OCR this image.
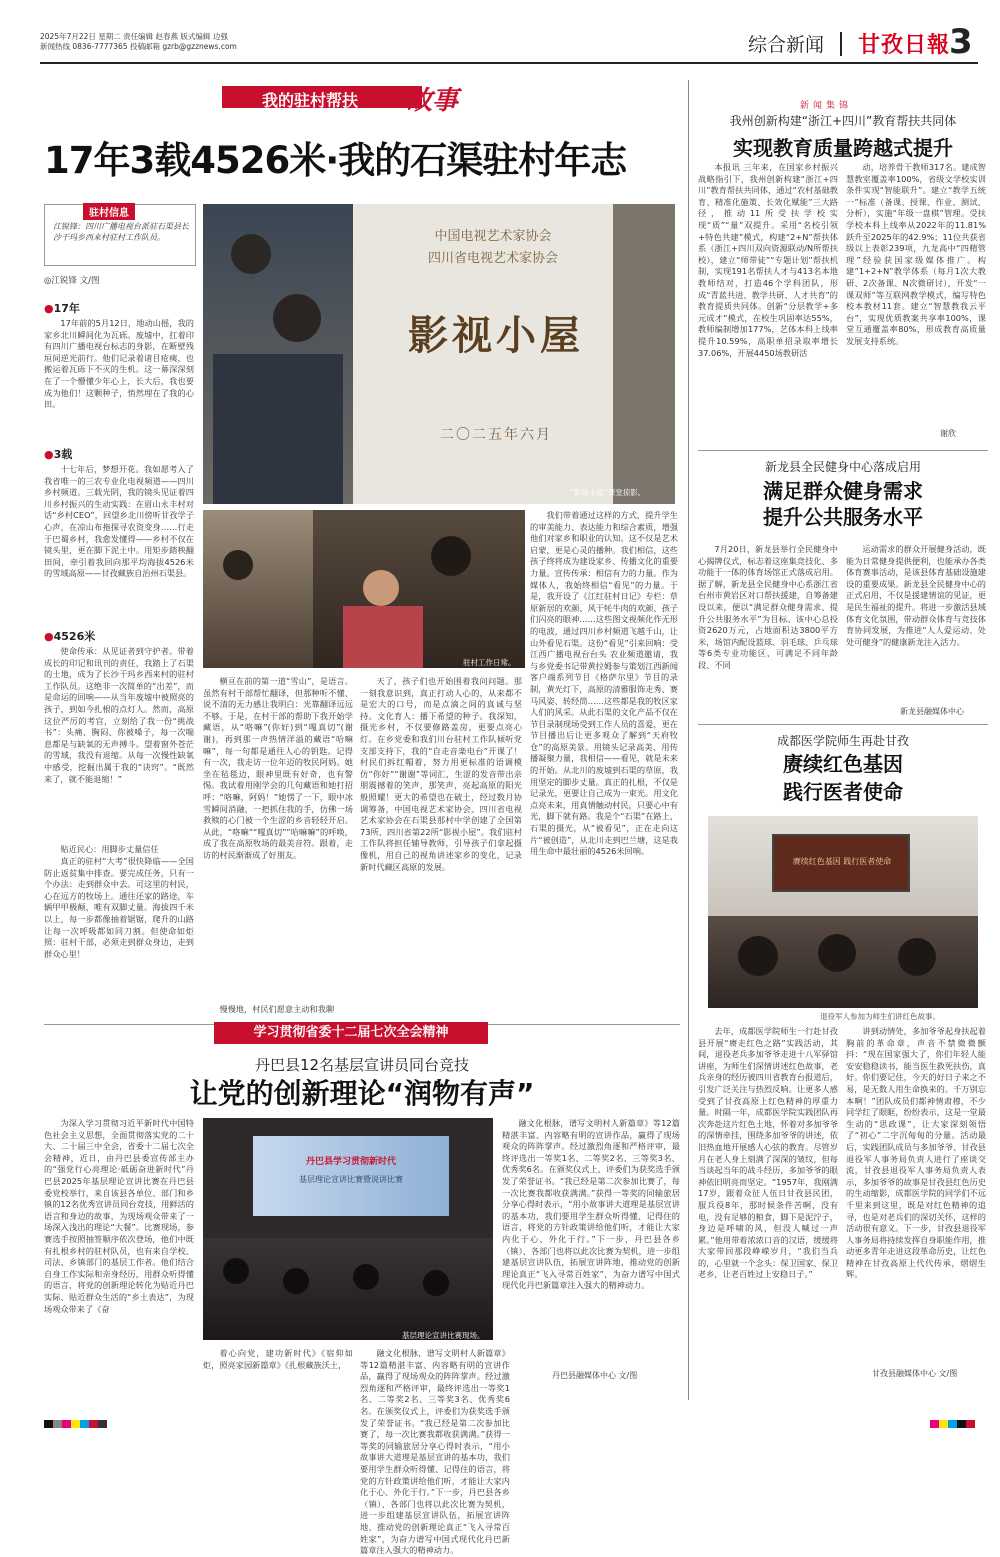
2025年7月22日 星期二 责任编辑 赵春燕 版式编辑 边强
新闻热线 0836-7777365 投稿邮箱 gzrb@gzznews.com	综合新闻 甘孜日報
3
我的驻村帮扶 故事
17年3载4526米·我的石渠驻村年志
驻村信息
江锐锋：四川广播电视台派驻石渠县长沙干玛乡西来村驻村工作队员。
◎江锐锋 文/图
●17年
17年前的5月12日，地动山摇，我的家乡北川瞬间化为瓦砾。废墟中，扛着印有四川广播电视台标志的身影，在断壁残垣间逆光前行。他们记录着诸目疮痍，也搬运着瓦砾下不灭的生机。这一幕深深刻在了一个懵懂少年心上，长大后，我也要成为他们！这颗种子，悄然埋在了我的心田。
●3载
十七年后，梦想开花。我如愿考入了我省唯一的三农专业化电视频道——四川乡村频道。三载光阴，我的镜头见证着四川乡村振兴的生动实践：在眉山永丰村对话“乡村CEO”，回望乡北川傍听甘孜学子心声，在凉山布拖探寻农资变身……行走于巴蜀乡村，我愈发懂得——乡村不仅在镜头里，更在脚下泥土中。用矩步踏秧翻田间，牵引着我回向那平均海拔4526米的雪域高原——甘孜藏族自治州石渠县。
●4526米
使命传承：从见证者到守护者。带着成长的印记和讯刊的责任，我踏上了石渠的土地，成为了长沙干玛乡西来村的驻村工作队员。这绝非一次简单的“出差”，而是命运的回响——从当年废墟中被照亮的孩子，到如今扎根的点灯人。然而，高原这位严厉的考官，立刻给了我一份“挑战书”：头痛、胸闷、你被嗓子，每一次喘息都是与缺氧的无声搏斗。望着窗外苍茫的雪域，我没有退缩。从每一次慢性缺氧中感受，挖掘出属于我的“诀窍”。“既然来了，就不能退缩！”
贴近民心：用脚步丈量信任
真正的驻村“大考”很快降临——全国防止返贫集中排查。要完成任务，只有一个办法：走到群众中去。可这里的村民，心在远方的牧场上。通往还家的路途，车辆甲甲极颠，唯有双脚丈量。海拔四千米以上，每一步都像抽着锯锯，爬升的山路让每一次呼吸都如同刀割。但使命如炬照：驻村干部，必须走到群众身边，走到群众心里！
中国电视艺术家协会
四川省电视艺术家协会
影视小屋
二〇二五年六月
“影视小屋”课堂掠影。
驻村工作日常。
横亘在前的第一道“雪山”，是语言。虽然有村干部帮忙翻译，但那种听不懂、说不清的无力感让我明白：光靠翻译远远不够。于是，在村干部的帮助下我开始学藏语，从“咯嘛”(你好)到“嘎真切”(谢谢)，再到那一声热情洋溢的藏语“哈嘛嘛”，每一句都是通往人心的钥匙。记得有一次，我走访一位年迈的牧民阿妈。她坐在毡毯边，眼神里既有好奇，也有警惕。我试着用刚学会的几句藏语和她打招呼：“咯嘛，阿妈！”她愣了一下，眼中冰雪瞬间消融，一把抓住我的手，仿佛一场救赎的心门被一个生涩的乡音轻轻开启。从此，“咯嘛”“嘎真切”“哈嘛嘛”的呼唤，成了我在高原牧场的最美音符。跟着，走访的村民渐渐成了好朋友。
慢慢地，村民们愿意主动和我聊
天了，孩子们也开始围着我问问题。那一刻我意识到，真正打动人心的，从来都不是宏大的口号，而是点滴之间的真诚与坚持。文化育人：播下希望的种子。我深知，摄光乡村，不仅要修路盖房，更要点亮心灯。在乡党委和我们川台驻村工作队倾听党支部支持下，我的“自走音楽电台”开课了！村民们拆红帽着，努力用更标准的语调模仿“你好”“谢谢”等词汇，生涩的发音带出亲朋震撼着的笑声，那笑声，亮起高原的阳光般照耀！更大的希望也在破土，经过数月协调筹备，中国电视艺术家协会、四川省电视艺术家协会在石渠县那村中学创建了全国第73所、四川省第22所“影视小屋”。我们驻村工作队将担任辅导教师，引导孩子们拿起摄像机，用自己的视角讲述家乡的变化，记录新时代藏区高原的发展。
我们带着通过这样的方式，提升学生的审美能力、表达能力和综合素质，增强他们对家乡和职业的认知。这不仅是艺术启蒙，更是心灵的播种。我们相信，这些孩子终将成为建设家乡、传播文化的重要力量。宣传传承：相信有力的力量。作为媒体人，我始终相信“看见”的力量。于是，我开设了《江红驻村日记》专栏：草原新居的欢颜、风干牦牛肉的欢颜、孩子们闪亮的眼神……这些图文视频化作无形的电波，通过四川乡村频道飞越千山，让山外看见石渠。这份“看见”引来回响：受江西广播电视台台头 农业频道邀请，我与乡党委书记带黄拉姆参与策划江西新闻客户端系列节目《格萨尔里》节目的录制，黄光灯下，高原的清雅服饰走秀、赛马风姿、转经筒……这些都是我的牧区家人们的风采。从此石渠的文化产品不仅在节目录制现场受到工作人员的喜爱，更在节目播出后让更多观众了解到“天府牧仓”的高原美景。用镜头记录高美、用传播凝聚力量，我相信——看见，就是未来的开始。从北川的废墟到石渠的草原，我用坚定的脚步丈量。真正的扎根，不仅是记录光，更要让自己成为一束光。用文化点亮未来，用真情触动村民，只要心中有光，脚下就有路。我是个“石渠”在路上，石渠的摄光，从“被看见”，正在走向这片“被创造”，从北川走到巴兰塘，这是我用生命中最壮丽的4526米回响。
新闻集锦
我州创新构建“浙江+四川”教育帮扶共同体
实现教育质量跨越式提升
本报讯 三年来，在国家乡村振兴战略指引下，我州创新构建“浙江+四川”教育帮扶共同体，通过“农村基础教育、精准化施策、长效化赋能”三大路径，推动11所受扶学校实现“质”“量”双提升。采用“名校引领+特色共建”模式，构建“2+N”帮扶体系（浙江+四川双向资源联动/N所帮扶校），建立“师带徒”“专题计划”帮扶机制，实现191名帮扶人才与413名本地教师结对，打造46个学科团队，形成“青蓝共进、教学共研、人才共育”的教育提质共同体。创新“分层教学+多元成才”模式，在校生巩固率达55%，教师编制增加177%，艺体本科上线率提升10.59%，高职单招录取率增长37.06%，开展4450场教研活
动，培养骨干教师317名。建成智慧教室覆盖率100%，省级文学校实训条件实现“智能联升”。建立“教学五统一”标准（备课、授课、作业、测试、分析），实施“年级一盘棋”管理。受扶学校本科上线率从2022年的11.81%跃升至2025年的42.9%；11位共获省级以上表彰239项，九龙高中“四精管理”经验获国家级媒体推广。构建“1+2+N”教学体系（每月1次大教研、2次备课、N次微研讨），开发“一课双师”等互联网教学模式，编写特色校本教材11套。建立“智慧教我云平台”，实现优质教案共享率100%，课堂互通覆盖率80%，形成教育高质量发展支持系统。
谢欣
新龙县全民健身中心落成启用
满足群众健身需求
提升公共服务水平
7月20日，新龙县举行全民健身中心揭牌仪式，标志着这座集竞技化、多功能于一体的体育场馆正式落成启用。据了解，新龙县全民健身中心系浙江省台州市黄岩区对口帮扶援建，自筹备建设以来，便以“满足群众健身需求、提升公共服务水平”为目标。该中心总投资2620万元，占地面积达3800平方米，场馆内配设篮球、羽毛球、乒乓球等6类专业功能区，可满足不同年龄段、不同
运动需求的群众开展健身活动，既能为日常健身提供便利，也能承办各类体育赛事活动，是该县体育基础设施建设的重要成果。新龙县全民健身中心的正式启用，不仅是援建情谊的见证，更是民生福祉的提升。将进一步激活县域体育文化氛围，带动群众体育与竞技体育协同发展，为推进“人人爱运动、处处可健身”的健康新龙注入活力。
新龙县融媒体中心
成都医学院师生再赴甘孜
赓续红色基因
践行医者使命
赓续红色基因 践行医者使命
退役军人参加为师生们讲红色故事。
去年，成都医学院师生一行赴甘孜县开展“赓走红色之路”实践活动，其间，退役老兵多加爷爷走进十八军驿馆讲座，为师生们深情讲述红色故事，老兵亲身的经历被四川省教育台报道后，引发广泛关注与热烈反响。让更多人感受到了甘孜高原上红色精神的厚重力量。时隔一年，成都医学院实践团队再次奔赴这片红色土地，怀着对多加爷爷的深情牵挂，围绕多加爷爷的讲述，依旧热血地开展感人心弦的教育。尽管岁月在老人身上刻满了深深的皱纹，但每当谈起当年的战斗经历，多加爷爷的眼神依旧明亮而坚定。“1957年，我刚满17岁，跟着众征人伍日甘孜县民团，服兵役8年，那时候条件苦啊，没有电，没有足够的粮食，脚下是泥泞子，身边是呼啸的风，但没人喊过一声累。”他用带着浓浓口音的汉语，缓缓将大家带回那段峥嵘岁月，“我们当兵的，心里就一个念头：保卫国家、保卫老乡，让老百姓过上安稳日子。”
讲到动情处，多加爷爷起身扶起着胸前的革命章，声音不禁微微颤抖：“现在国家强大了，你们年轻人能安安稳稳读书，能当医生救死扶伤，真好。你们要记住，今天的好日子来之不易，是无数人用生命换来的。千万别忘本啊！”团队成员们都神情肃穆，不少同学红了眼眶，纷纷表示，这是一堂最生动的“思政课”，让大家深刻领悟了“初心”二字沉甸甸的分量。活动最后，实践团队成员与多加爷爷、甘孜县退役军人事务局负责人进行了座谈交流，甘孜县退役军人事务局负责人表示，多加爷爷的故事是甘孜县红色历史的生动缩影，成都医学院的同学们不远千里来到这里，既是对红色精神的追寻，也是对老兵们的深切关怀，这样的活动很有意义。下一步，甘孜县退役军人事务局将持续发挥自身职能作用，推动更多青年走进这段革命历史，让红色精神在甘孜高原上代代传承，熠熠生辉。
甘孜县融媒体中心 文/图
学习贯彻省委十二届七次全会精神
丹巴县12名基层宣讲员同台竞技
让党的创新理论“润物有声”
为深入学习贯彻习近平新时代中国特色社会主义思想，全面贯彻落实党的二十大、二十届三中全会，省委十二届七次全会精神，近日，由丹巴县委宣传部主办的“强党行心亮理论·砥砺奋进新时代”丹巴县2025年基层理论宣讲比赛在丹巴县委党校举行，来自该县各单位、部门和乡镇的12名优秀宣讲员同台竞技，用鲜活的语言和身边的故事，为现场观众带来了一场深入浅出的理论“大餐”。比赛现场，参赛选手按照抽签顺序依次登场，他们中既有扎根乡村的驻村队员，也有来自学校、司法、乡镇部门的基层工作者。他们结合自身工作实际和亲身经历，用群众听得懂的语言，将党的创新理论转化为贴近丹巴实际、贴近群众生活的“乡土表达”，为现场观众带来了《奋
丹巴县学习贯彻新时代
基层理论宣讲比赛暨说讲比赛
基层理论宣讲比赛现场。
着心向党，建功新时代》《宿仰如炬，照亮家园新篇章》《扎根藏族沃土，
融文化根脉，谱写文明村人新篇章》等12篇精湛丰富、内容略有明的宣讲作品，赢得了现场观众的阵阵掌声。经过激烈角逐和严格评审，最终评选出一等奖1名、二等奖2名、三等奖3名、优秀奖6名。在颁奖仪式上，评委们为获奖选手颁发了荣誉证书。“我已经是第二次参加比赛了，每一次比赛我都收获满满。”获得一等奖的同输旅居分享心得时表示，“用小故事讲大道理是基层宣讲的基本功，我们要用学生群众听得懂、记得住的语言，将党的方针政策讲给他们听，才能让大家内化于心、外化于行。”下一步，丹巴县各乡（镇）、各部门也将以此次比赛为契机，进一步组建基层宣讲队伍，拓展宣讲阵地，推动党的创新理论真正“飞入寻常百姓家”，为奋力谱写中国式现代化丹巴新篇章注入强大的精神动力。
融文化根脉，谱写文明村人新篇章》等12篇精湛丰富、内容略有明的宣讲作品，赢得了现场观众的阵阵掌声。经过激烈角逐和严格评审，最终评选出一等奖1名、二等奖2名、三等奖3名、优秀奖6名。在颁奖仪式上，评委们为获奖选手颁发了荣誉证书。“我已经是第二次参加比赛了，每一次比赛我都收获满满。”获得一等奖的同输旅居分享心得时表示，“用小故事讲大道理是基层宣讲的基本功，我们要用学生群众听得懂、记得住的语言，将党的方针政策讲给他们听，才能让大家内化于心、外化于行。”下一步，丹巴县各乡（镇）、各部门也将以此次比赛为契机，进一步组建基层宣讲队伍，拓展宣讲阵地，推动党的创新理论真正“飞入寻常百姓家”，为奋力谱写中国式现代化丹巴新篇章注入强大的精神动力。
丹巴县融媒体中心 文/图
